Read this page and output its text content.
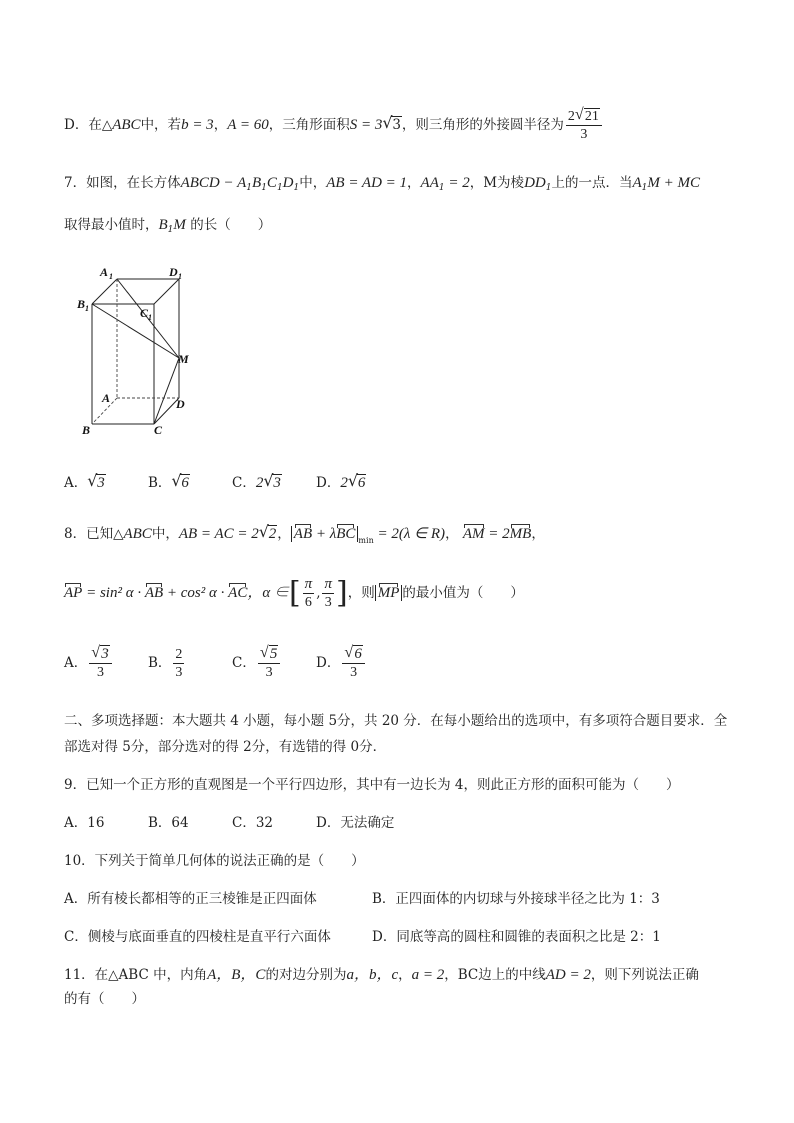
D．在△ABC中，若b = 3，A = 60，三角形面积S = 3 √ 3，则三角形的外接圆半径为 $\frac{2 √ 21}{3}$
7．如图，在长方体ABCD − $A_1B_1C_1D_1$中，AB = AD = 1，$AA_1 = 2$，M为棱$DD_1$上的一点．当$A_1M$ + MC
取得最小值时，$B_1M$ 的长（　　）
A 1	D 1
B 1	C 1
M
A	D
B	C
A． √ 3	B． √ 6	C．2 √ 3	D．2 √ 6
8．已知△ABC中，AB = AC = 2 √ 2， AB + λBC $_{min}$ = 2(λ ∈ R)， AM = 2MB，
AP = sin² α · AB + cos² α · AC，α ∈[ $\frac{\pi}{6}$ , $\frac{\pi}{3}$ ]，则 MP 的最小值为（　　）
A． $\frac{√ 3}{3}$	B． $\frac{2}{3}$	C． $\frac{√ 5}{3}$	D． $\frac{√ 6}{3}$
二、多项选择题：本大题共 4 小题，每小题 5分，共 20 分．在每小题给出的选项中，有多项符合题目要求．全
部选对得 5分，部分选对的得 2分，有选错的得 0分．
9．已知一个正方形的直观图是一个平行四边形，其中有一边长为 4，则此正方形的面积可能为（　　）
A．16	B．64	C．32	D．无法确定
10．下列关于简单几何体的说法正确的是（　　）
A．所有棱长都相等的正三棱锥是正四面体	B．正四面体的内切球与外接球半径之比为 1：3
C．侧棱与底面垂直的四棱柱是直平行六面体	D．同底等高的圆柱和圆锥的表面积之比是 2：1
11．在△ABC 中，内角A，B，C的对边分别为a，b，c，a = 2，BC边上的中线AD = 2，则下列说法正确
的有（　　）
